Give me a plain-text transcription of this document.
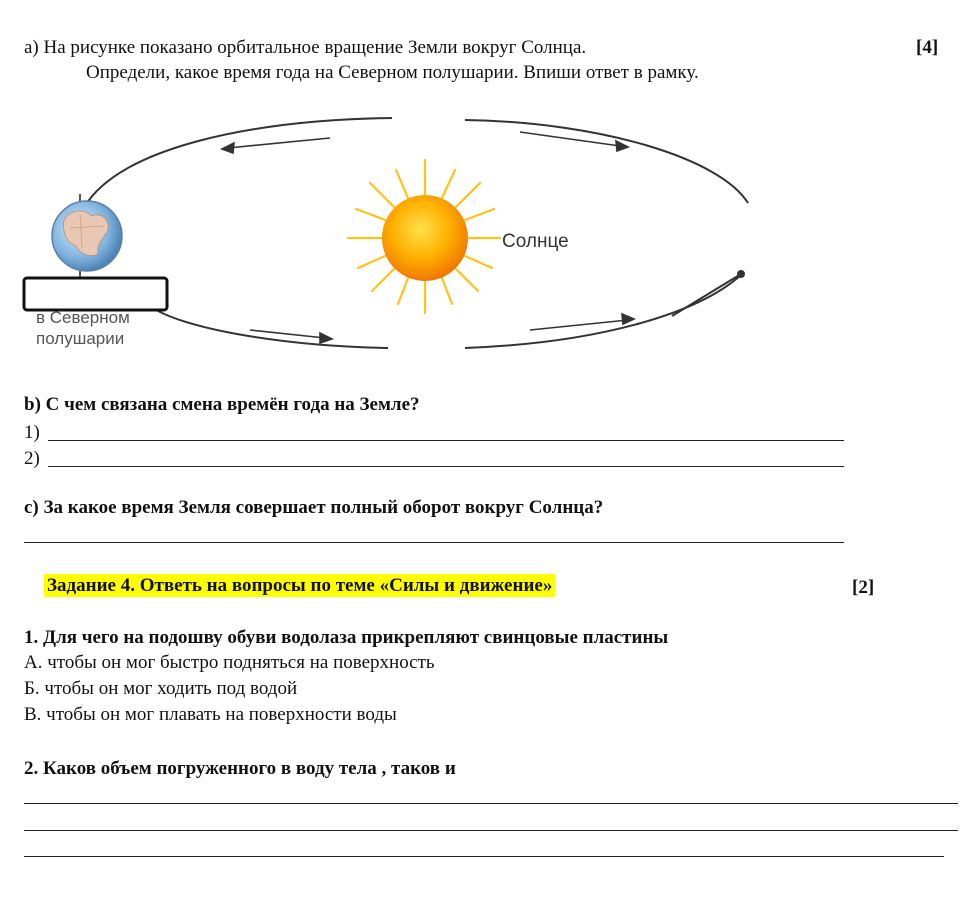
a) На рисунке показано орбитальное вращение Земли вокруг Солнца.	[4]
Определи, какое время года на Северном полушарии. Впиши ответ в рамку.
Солнце
в Северном
полушарии
b) С чем связана смена времён года на Земле?
1)
2)
c) За какое время Земля совершает полный оборот вокруг Солнца?
Задание 4. Ответь на вопросы по теме «Силы и движение»	[2]
1. Для чего на подошву обуви водолаза прикрепляют свинцовые пластины
А. чтобы он мог быстро подняться на поверхность
Б. чтобы он мог ходить под водой
В. чтобы он мог плавать на поверхности воды
2. Каков объем погруженного в воду тела , таков и
